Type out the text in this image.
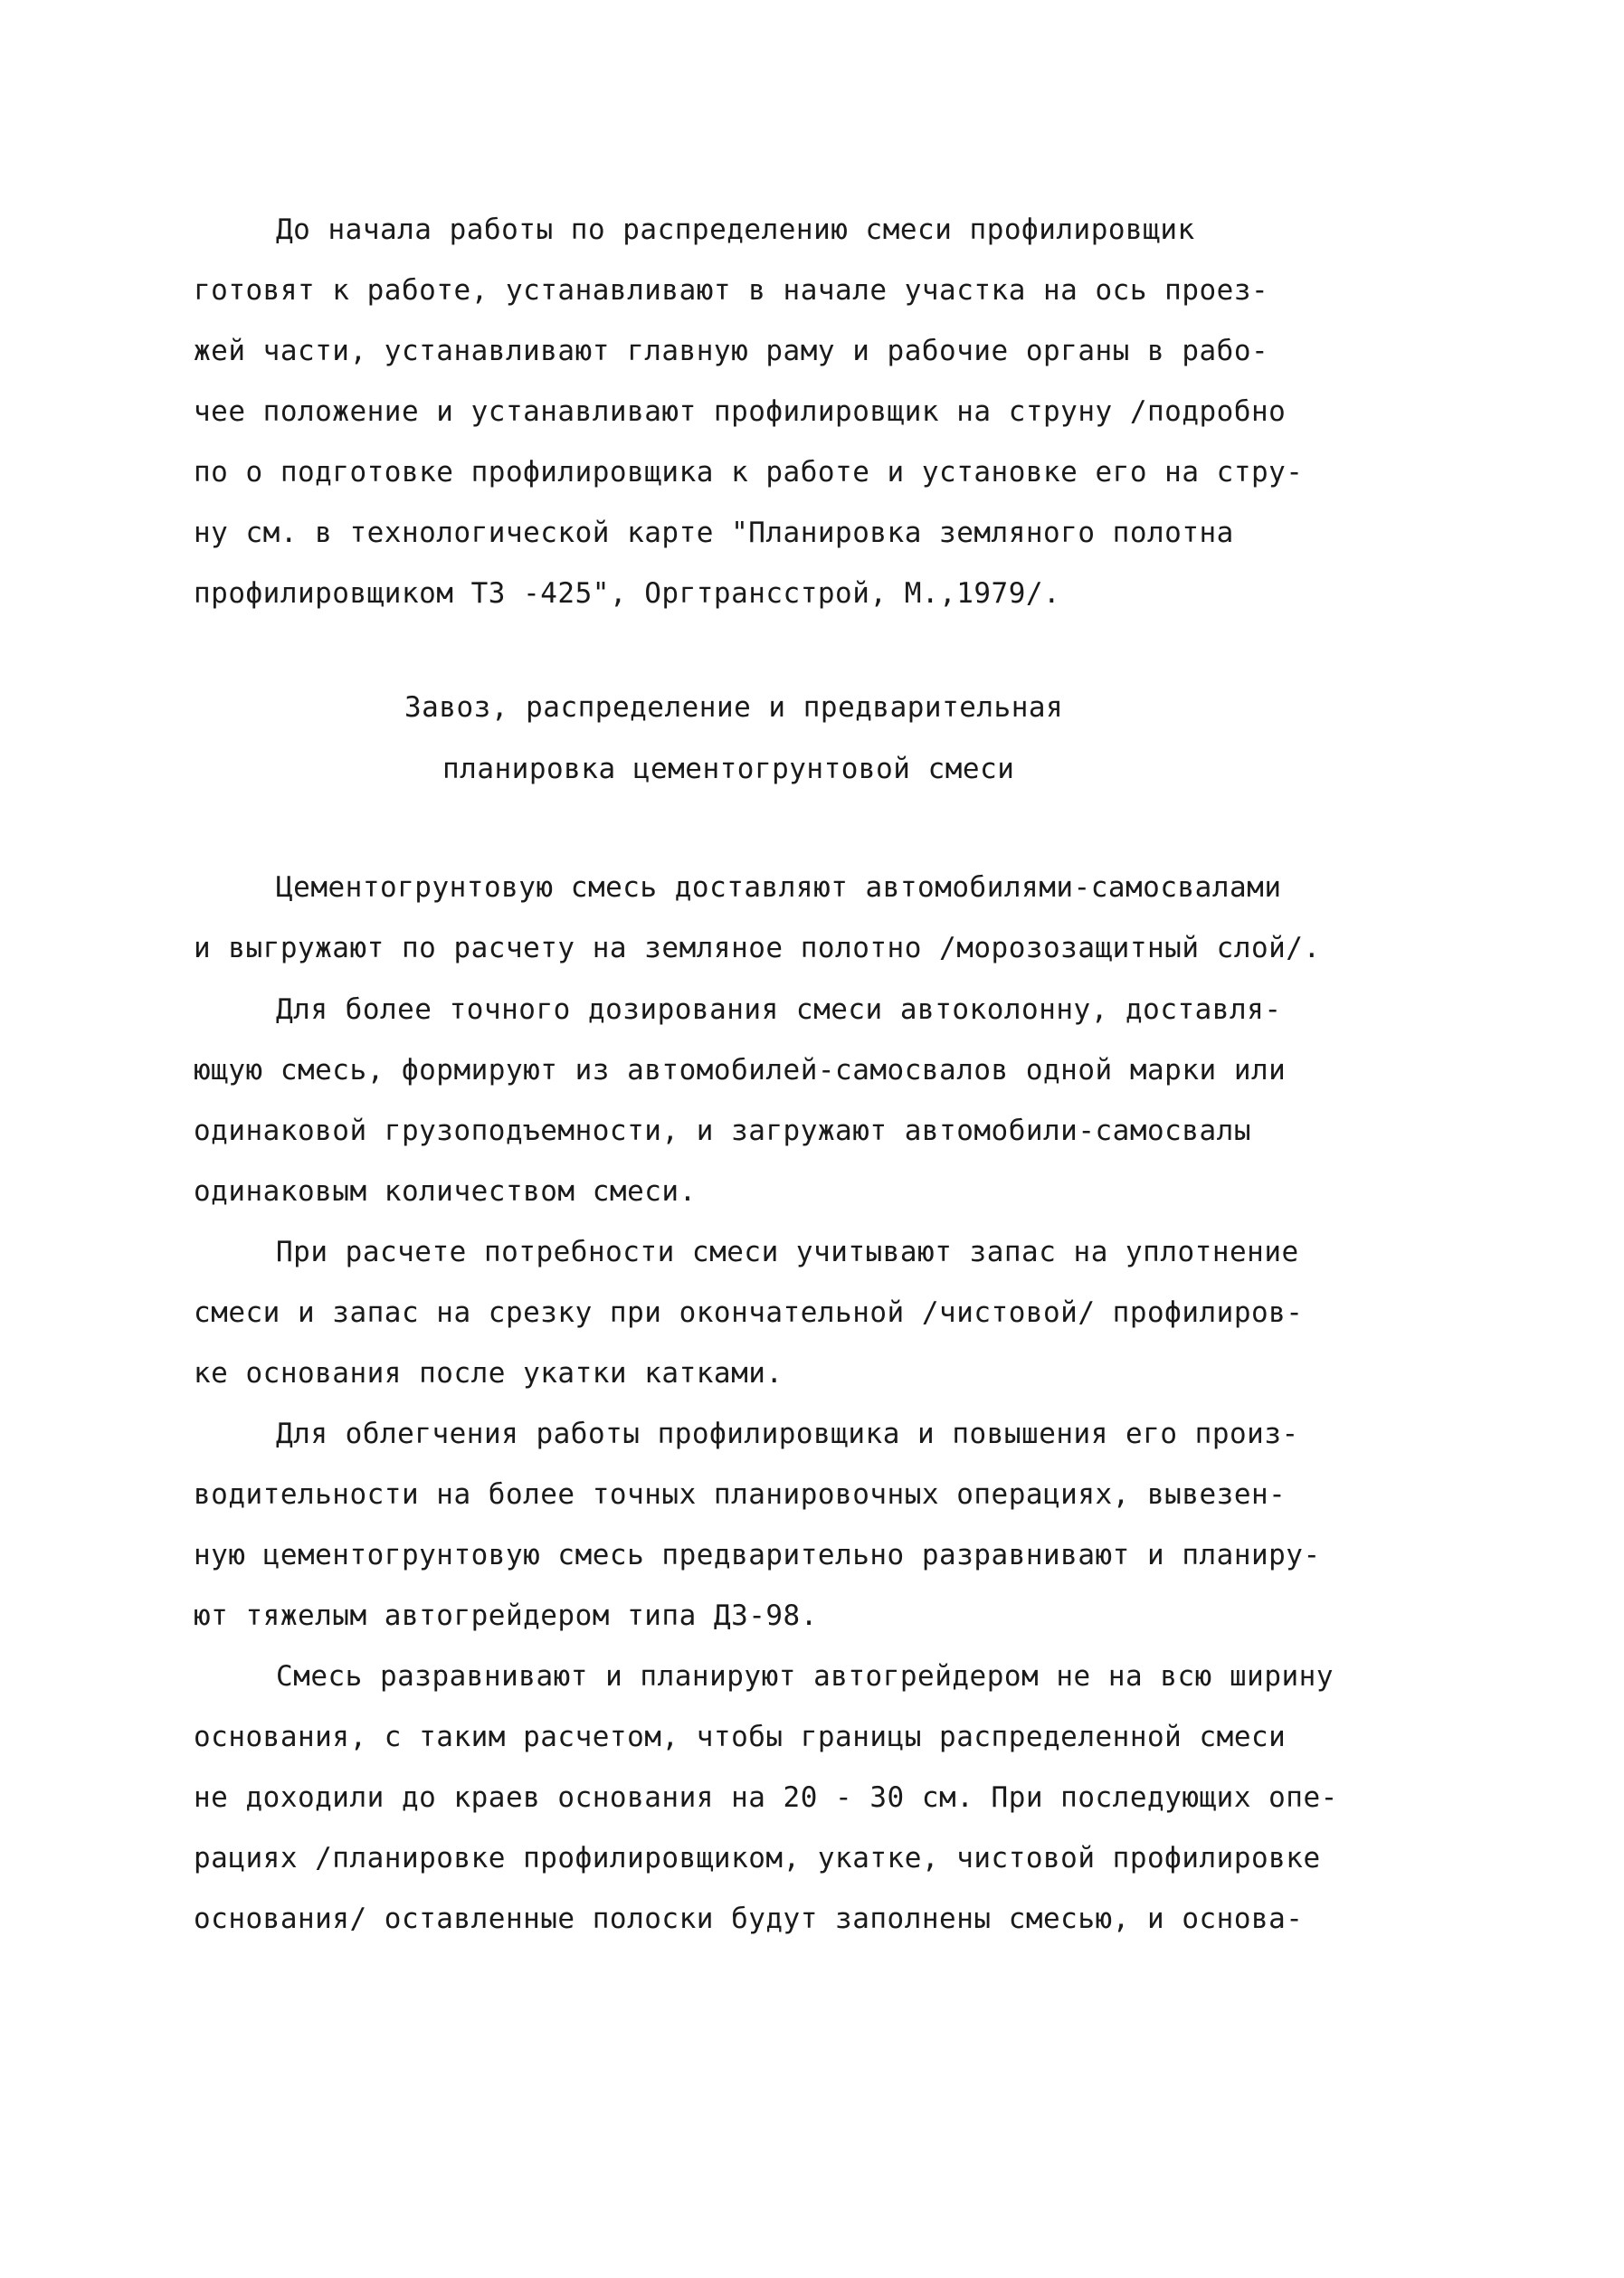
До начала работы по распределению смеси профилировщик
готовят к работе, устанавливают в начале участка на ось проез-
жей части, устанавливают главную раму и рабочие органы в рабо-
чее положение и устанавливают профилировщик на струну /подробно
по о подготовке профилировщика к работе и установке его на стру-
ну см. в технологической карте "Планировка земляного полотна
профилировщиком ТЗ -425", Оргтрансстрой, М.,1979/.
Завоз, распределение и предварительная
планировка цементогрунтовой смеси
Цементогрунтовую смесь доставляют автомобилями-самосвалами
и выгружают по расчету на земляное полотно /морозозащитный слой/.
Для более точного дозирования смеси автоколонну, доставля-
ющую смесь, формируют из автомобилей-самосвалов одной марки или
одинаковой грузоподъемности, и загружают автомобили-самосвалы
одинаковым количеством смеси.
При расчете потребности смеси учитывают запас на уплотнение
смеси и запас на срезку при окончательной /чистовой/ профилиров-
ке основания после укатки катками.
Для облегчения работы профилировщика и повышения его произ-
водительности на более точных планировочных операциях, вывезен-
ную цементогрунтовую смесь предварительно разравнивают и планиру-
ют тяжелым автогрейдером типа ДЗ-98.
Смесь разравнивают и планируют автогрейдером не на всю ширину
основания, с таким расчетом, чтобы границы распределенной смеси
не доходили до краев основания на 20 - 30 см. При последующих опе-
рациях /планировке профилировщиком, укатке, чистовой профилировке
основания/ оставленные полоски будут заполнены смесью, и основа-
